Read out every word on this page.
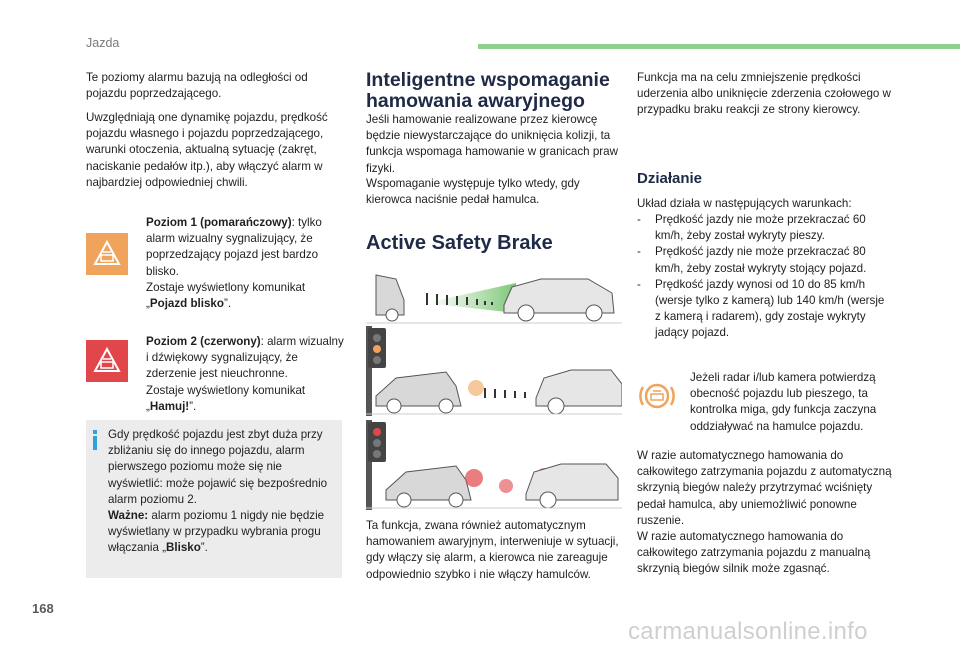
Jazda

Te poziomy alarmu bazują na odległości od pojazdu poprzedzającego.

Uwzględniają one dynamikę pojazdu, prędkość pojazdu własnego i pojazdu poprzedzającego, warunki otoczenia, aktualną sytuację (zakręt, naciskanie pedałów itp.), aby włączyć alarm w najbardziej odpowiedniej chwili.

Poziom 1 (pomarańczowy): tylko alarm wizualny sygnalizujący, że poprzedzający pojazd jest bardzo blisko.
Zostaje wyświetlony komunikat „Pojazd blisko”.
Poziom 2 (czerwony): alarm wizualny i dźwiękowy sygnalizujący, że zderzenie jest nieuchronne.
Zostaje wyświetlony komunikat „Hamuj!”.
Gdy prędkość pojazdu jest zbyt duża przy zbliżaniu się do innego pojazdu, alarm pierwszego poziomu może się nie wyświetlić: może pojawić się bezpośrednio alarm poziomu 2.
Ważne: alarm poziomu 1 nigdy nie będzie wyświetlany w przypadku wybrania progu włączania „Blisko”.
Inteligentne wspomaganie
hamowania awaryjnego

Jeśli hamowanie realizowane przez kierowcę będzie niewystarczające do uniknięcia kolizji, ta funkcja wspomaga hamowanie w granicach praw fizyki.

Wspomaganie występuje tylko wtedy, gdy kierowca naciśnie pedał hamulca.

Active Safety Brake

Ta funkcja, zwana również automatycznym hamowaniem awaryjnym, interweniuje w sytuacji, gdy włączy się alarm, a kierowca nie zareaguje odpowiednio szybko i nie włączy hamulców.

Funkcja ma na celu zmniejszenie prędkości uderzenia albo uniknięcie zderzenia czołowego w przypadku braku reakcji ze strony kierowcy.

Działanie

Układ działa w następujących warunkach:

- Prędkość jazdy nie może przekraczać 60 km/h, żeby został wykryty pieszy.
- Prędkość jazdy nie może przekraczać 80 km/h, żeby został wykryty stojący pojazd.
- Prędkość jazdy wynosi od 10 do 85 km/h (wersje tylko z kamerą) lub 140 km/h (wersje z kamerą i radarem), gdy zostaje wykryty jadący pojazd.

Jeżeli radar i/lub kamera potwierdzą obecność pojazdu lub pieszego, ta kontrolka miga, gdy funkcja zaczyna oddziaływać na hamulce pojazdu.

W razie automatycznego hamowania do całkowitego zatrzymania pojazdu z automatyczną skrzynią biegów należy przytrzymać wciśnięty pedał hamulca, aby uniemożliwić ponowne ruszenie.

W razie automatycznego hamowania do całkowitego zatrzymania pojazdu z manualną skrzynią biegów silnik może zgasnąć.

168
carmanualsonline.info
